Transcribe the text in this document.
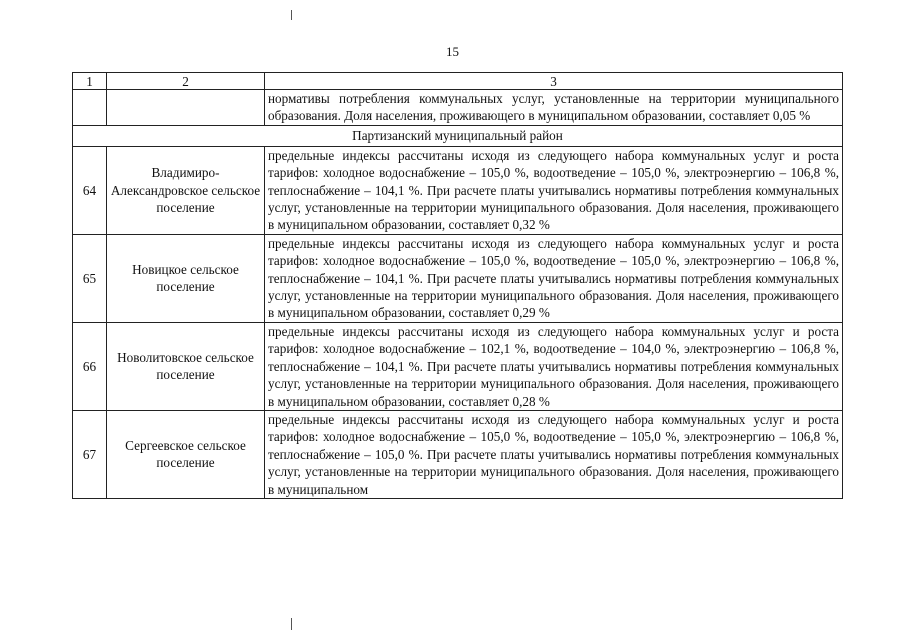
15
1	2	3
		нормативы потребления коммунальных услуг, установленные на территории муниципального образования. Доля населения, проживающего в муниципальном образовании, составляет 0,05 %
Партизанский муниципальный район		
64	Владимиро-Александровское сельское поселение	предельные индексы рассчитаны исходя из следующего набора коммунальных услуг и роста тарифов: холодное водоснабжение – 105,0 %, водоотведение – 105,0 %, электроэнергию – 106,8 %, теплоснабжение – 104,1 %. При расчете платы учитывались нормативы потребления коммунальных услуг, установленные на территории муниципального образования. Доля населения, проживающего в муниципальном образовании, составляет 0,32 %
65	Новицкое сельское поселение	предельные индексы рассчитаны исходя из следующего набора коммунальных услуг и роста тарифов: холодное водоснабжение – 105,0 %, водоотведение – 105,0 %, электроэнергию – 106,8 %, теплоснабжение – 104,1 %. При расчете платы учитывались нормативы потребления коммунальных услуг, установленные на территории муниципального образования. Доля населения, проживающего в муниципальном образовании, составляет 0,29 %
66	Новолитовское сельское поселение	предельные индексы рассчитаны исходя из следующего набора коммунальных услуг и роста тарифов: холодное водоснабжение – 102,1 %, водоотведение – 104,0 %, электроэнергию – 106,8 %, теплоснабжение – 104,1 %. При расчете платы учитывались нормативы потребления коммунальных услуг, установленные на территории муниципального образования. Доля населения, проживающего в муниципальном образовании, составляет 0,28 %
67	Сергеевское сельское поселение	предельные индексы рассчитаны исходя из следующего набора коммунальных услуг и роста тарифов: холодное водоснабжение – 105,0 %, водоотведение – 105,0 %, электроэнергию – 106,8 %, теплоснабжение – 105,0 %. При расчете платы учитывались нормативы потребления коммунальных услуг, установленные на территории муниципального образования. Доля населения, проживающего в муниципальном
